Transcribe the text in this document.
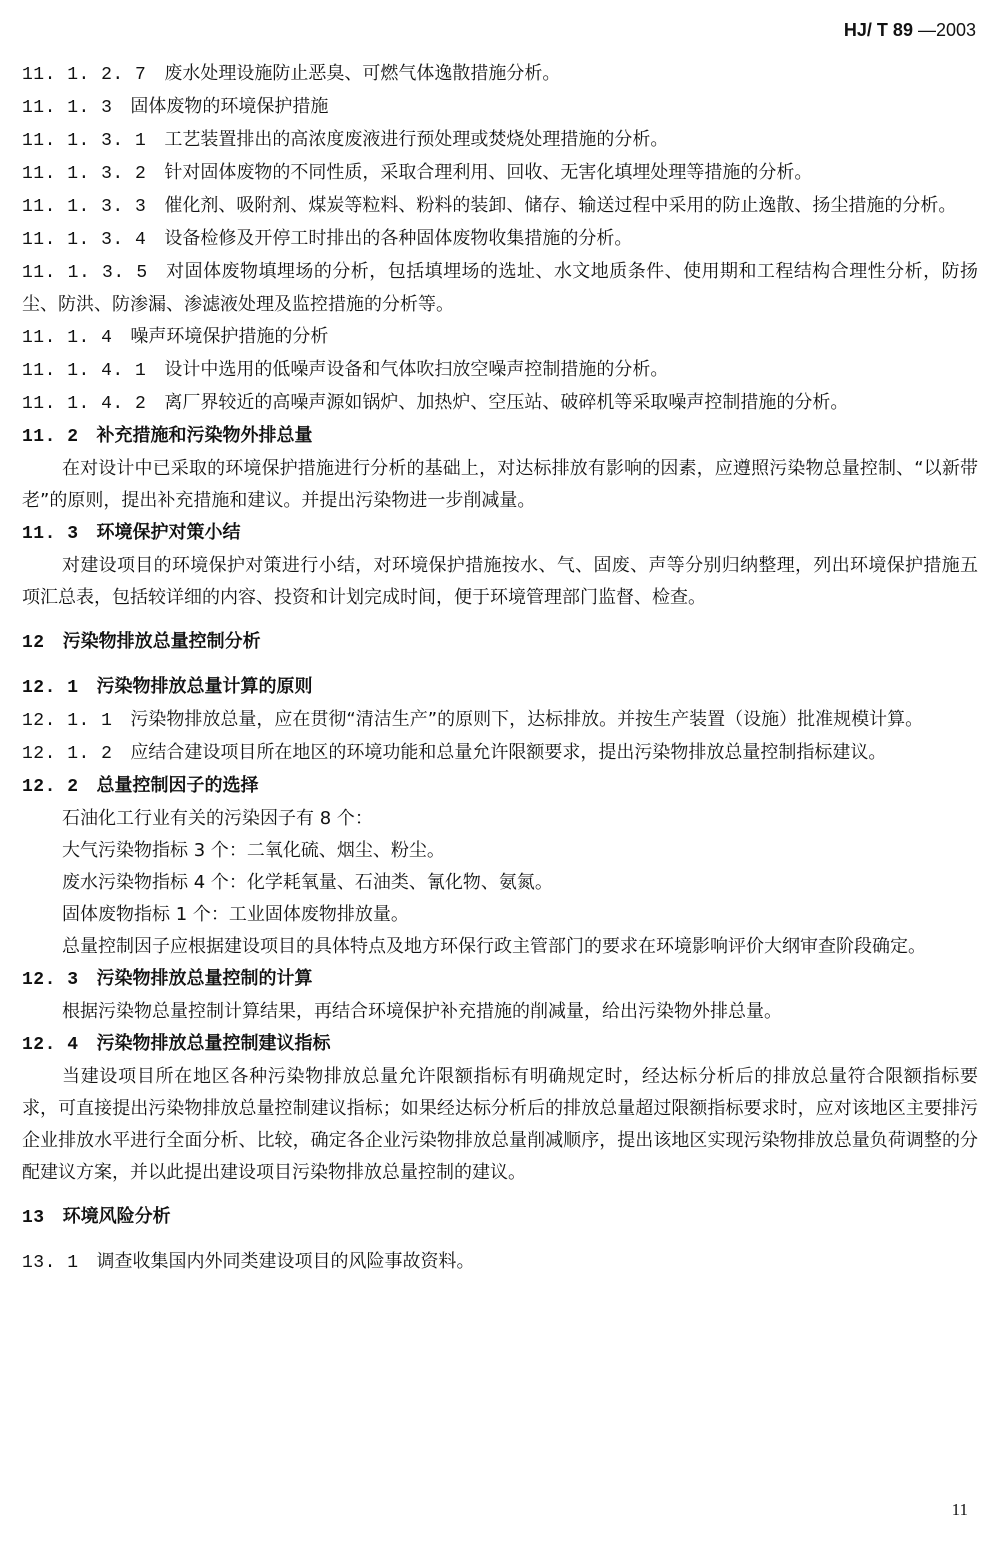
HJ/ T 89 —2003

11. 1. 2. 7 废水处理设施防止恶臭、可燃气体逸散措施分析。

11. 1. 3 固体废物的环境保护措施

11. 1. 3. 1 工艺装置排出的高浓度废液进行预处理或焚烧处理措施的分析。

11. 1. 3. 2 针对固体废物的不同性质，采取合理利用、回收、无害化填埋处理等措施的分析。

11. 1. 3. 3 催化剂、吸附剂、煤炭等粒料、粉料的装卸、储存、输送过程中采用的防止逸散、扬尘措施的分析。

11. 1. 3. 4 设备检修及开停工时排出的各种固体废物收集措施的分析。

11. 1. 3. 5 对固体废物填埋场的分析，包括填埋场的选址、水文地质条件、使用期和工程结构合理性分析，防扬尘、防洪、防渗漏、渗滤液处理及监控措施的分析等。

11. 1. 4 噪声环境保护措施的分析

11. 1. 4. 1 设计中选用的低噪声设备和气体吹扫放空噪声控制措施的分析。

11. 1. 4. 2 离厂界较近的高噪声源如锅炉、加热炉、空压站、破碎机等采取噪声控制措施的分析。

11. 2 补充措施和污染物外排总量

在对设计中已采取的环境保护措施进行分析的基础上，对达标排放有影响的因素，应遵照污染物总量控制、“以新带老”的原则，提出补充措施和建议。并提出污染物进一步削减量。

11. 3 环境保护对策小结

对建设项目的环境保护对策进行小结，对环境保护措施按水、气、固废、声等分别归纳整理，列出环境保护措施五项汇总表，包括较详细的内容、投资和计划完成时间，便于环境管理部门监督、检查。

12 污染物排放总量控制分析

12. 1 污染物排放总量计算的原则

12. 1. 1 污染物排放总量，应在贯彻“清洁生产”的原则下，达标排放。并按生产装置（设施）批准规模计算。

12. 1. 2 应结合建设项目所在地区的环境功能和总量允许限额要求，提出污染物排放总量控制指标建议。

12. 2 总量控制因子的选择

石油化工行业有关的污染因子有 8 个：

大气污染物指标 3 个：二氧化硫、烟尘、粉尘。

废水污染物指标 4 个：化学耗氧量、石油类、氰化物、氨氮。

固体废物指标 1 个：工业固体废物排放量。

总量控制因子应根据建设项目的具体特点及地方环保行政主管部门的要求在环境影响评价大纲审查阶段确定。

12. 3 污染物排放总量控制的计算

根据污染物总量控制计算结果，再结合环境保护补充措施的削减量，给出污染物外排总量。

12. 4 污染物排放总量控制建议指标

当建设项目所在地区各种污染物排放总量允许限额指标有明确规定时，经达标分析后的排放总量符合限额指标要求，可直接提出污染物排放总量控制建议指标；如果经达标分析后的排放总量超过限额指标要求时，应对该地区主要排污企业排放水平进行全面分析、比较，确定各企业污染物排放总量削减顺序，提出该地区实现污染物排放总量负荷调整的分配建议方案，并以此提出建设项目污染物排放总量控制的建议。

13 环境风险分析

13. 1 调查收集国内外同类建设项目的风险事故资料。

11
